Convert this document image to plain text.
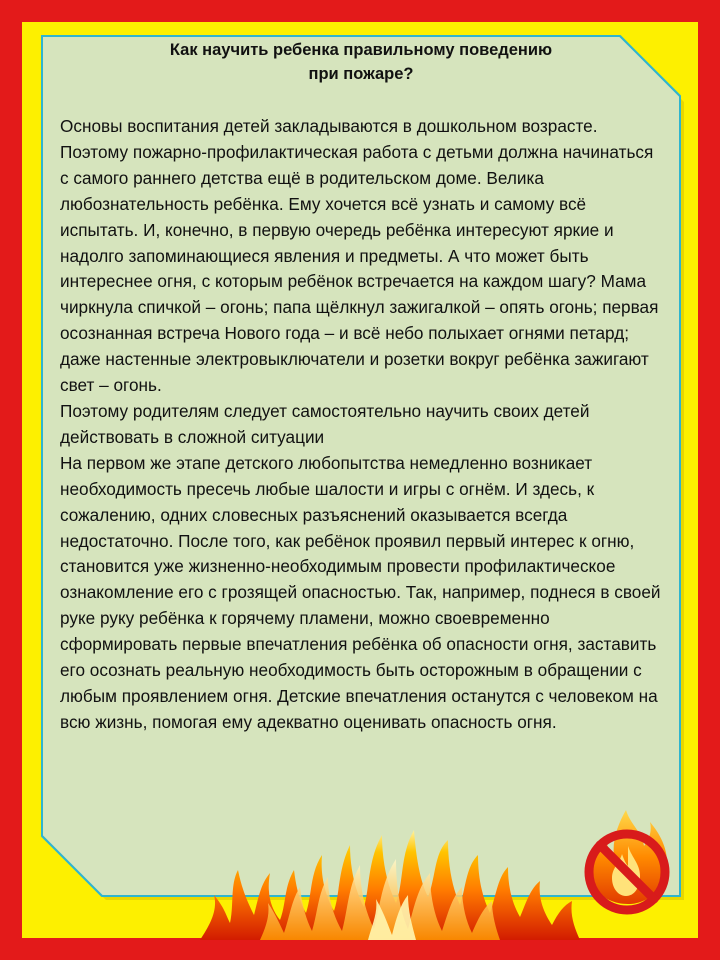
Как научить ребенка правильному поведению
при пожаре?

Основы воспитания детей закладываются в дошкольном возрасте.

Поэтому пожарно-профилактическая работа с детьми должна начинаться с самого раннего детства ещё в родительском доме. Велика любознательность ребёнка. Ему хочется всё узнать и самому всё испытать. И, конечно, в первую очередь ребёнка интересуют яркие и надолго запоминающиеся явления и предметы. А что может быть интереснее огня, с которым ребёнок встречается на каждом шагу? Мама чиркнула спичкой – огонь; папа щёлкнул зажигалкой – опять огонь; первая осознанная встреча Нового года – и всё небо полыхает огнями петард; даже настенные электровыключатели и розетки вокруг ребёнка зажигают свет – огонь.

Поэтому родителям следует самостоятельно научить своих детей действовать в сложной ситуации

На первом же этапе детского любопытства немедленно возникает необходимость пресечь любые шалости и игры с огнём. И здесь, к сожалению, одних словесных разъяснений оказывается всегда недостаточно. После того, как ребёнок проявил первый интерес к огню, становится уже жизненно-необходимым провести профилактическое ознакомление его с грозящей опасностью. Так, например, поднеся в своей руке руку ребёнка к горячему пламени, можно своевременно сформировать первые впечатления ребёнка об опасности огня, заставить его осознать реальную необходимость быть осторожным в обращении с любым проявлением огня. Детские впечатления останутся с человеком на всю жизнь, помогая ему адекватно оценивать опасность огня.
